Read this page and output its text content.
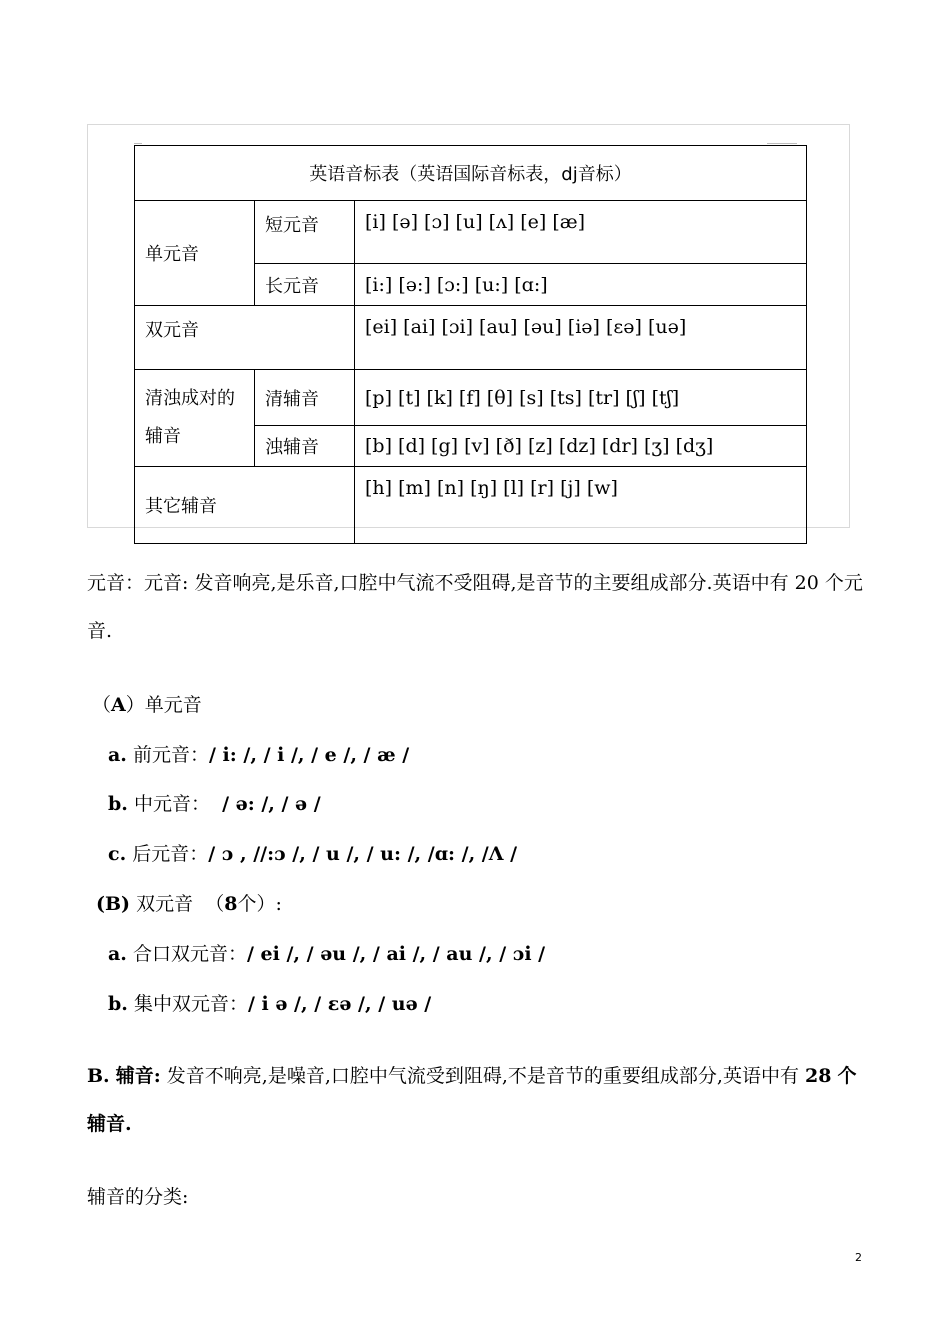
英语音标表（英语国际音标表，dj音标）		
单元音	短元音	[i] [ə] [ɔ] [u] [ʌ] [e] [æ]
	长元音	[i:] [ə:] [ɔ:] [u:] [ɑ:]
双元音		[ei] [ai] [ɔi] [au] [əu] [iə] [ɛə] [uə]
清浊成对的辅音	清辅音	[p] [t] [k] [f] [θ] [s] [ts] [tr] [ʃ] [tʃ]
	浊辅音	[b] [d] [g] [v] [ð] [z] [dz] [dr] [ʒ] [dʒ]
其它辅音		[h] [m] [n] [ŋ] [l] [r] [j] [w]
元音：元音: 发音响亮,是乐音,口腔中气流不受阻碍,是音节的主要组成部分.英语中有 20 个元音.
（A）单元音
a. 前元音：/ i: /, / i /, / e /, / æ /
b. 中元音： / ə: /, / ə /
c. 后元音：/ ɔ , //:ɔ /, / u /, / u: /, /ɑ: /, /Λ /
(B) 双元音 （8个）:
a. 合口双元音：/ ei /, / əu /, / ai /, / au /, / ɔi /
b. 集中双元音：/ i ə /, / εə /, / uə /
B. 辅音: 发音不响亮,是噪音,口腔中气流受到阻碍,不是音节的重要组成部分,英语中有 28 个辅音.
辅音的分类:
2
